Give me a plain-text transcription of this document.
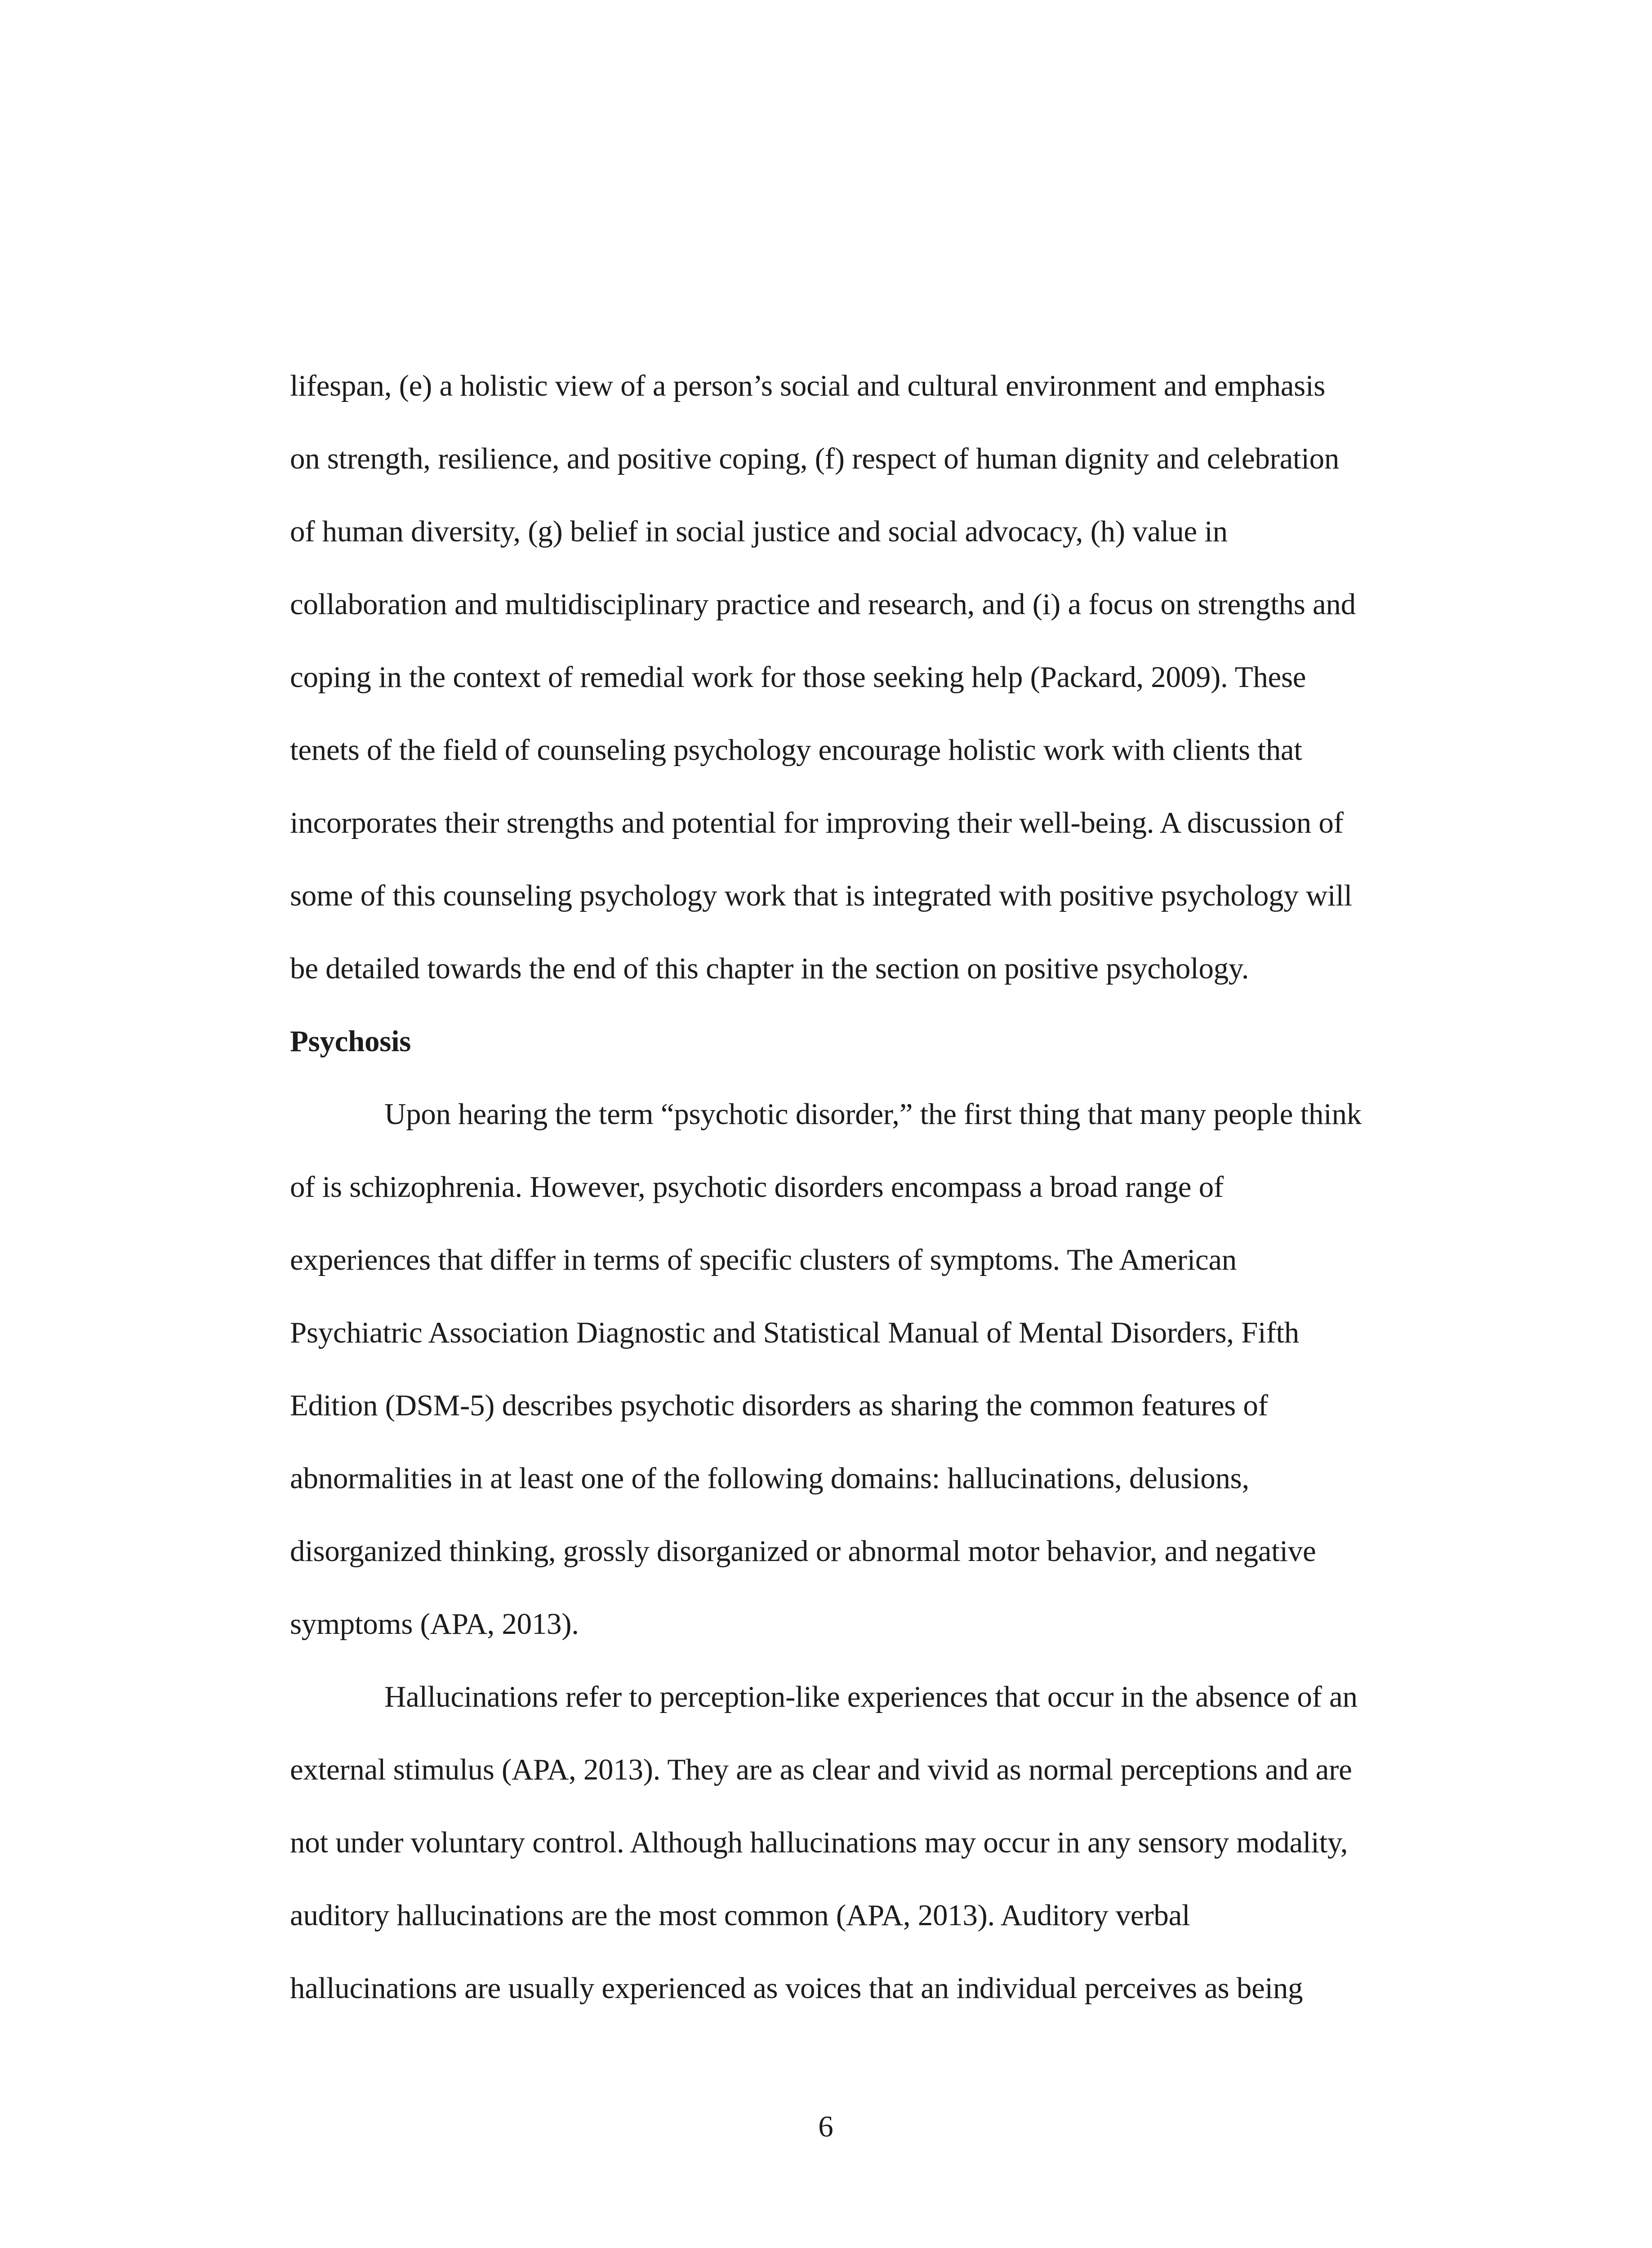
lifespan, (e) a holistic view of a person’s social and cultural environment and emphasis
on strength, resilience, and positive coping, (f) respect of human dignity and celebration
of human diversity, (g) belief in social justice and social advocacy, (h) value in
collaboration and multidisciplinary practice and research, and (i) a focus on strengths and
coping in the context of remedial work for those seeking help (Packard, 2009). These
tenets of the field of counseling psychology encourage holistic work with clients that
incorporates their strengths and potential for improving their well-being. A discussion of
some of this counseling psychology work that is integrated with positive psychology will
be detailed towards the end of this chapter in the section on positive psychology.
Psychosis
Upon hearing the term “psychotic disorder,” the first thing that many people think
of is schizophrenia. However, psychotic disorders encompass a broad range of
experiences that differ in terms of specific clusters of symptoms. The American
Psychiatric Association Diagnostic and Statistical Manual of Mental Disorders, Fifth
Edition (DSM-5) describes psychotic disorders as sharing the common features of
abnormalities in at least one of the following domains: hallucinations, delusions,
disorganized thinking, grossly disorganized or abnormal motor behavior, and negative
symptoms (APA, 2013).
Hallucinations refer to perception-like experiences that occur in the absence of an
external stimulus (APA, 2013). They are as clear and vivid as normal perceptions and are
not under voluntary control. Although hallucinations may occur in any sensory modality,
auditory hallucinations are the most common (APA, 2013). Auditory verbal
hallucinations are usually experienced as voices that an individual perceives as being
6
